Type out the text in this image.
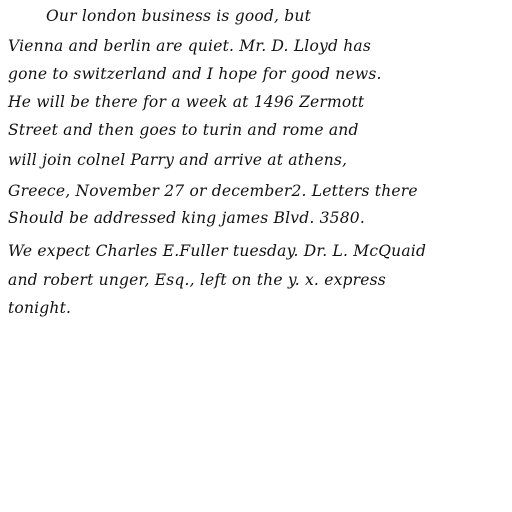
Our london business is good, but
Vienna and berlin are quiet. Mr. D. Lloyd has
gone to switzerland and I hope for good news.
He will be there for a week at 1496 Zermott
Street and then goes to turin and rome and
will join colnel Parry and arrive at athens,
Greece, November 27 or december2. Letters there
Should be addressed king james Blvd. 3580.
We expect Charles E.Fuller tuesday. Dr. L. McQuaid
and robert unger, Esq., left on the y. x. express
tonight.
